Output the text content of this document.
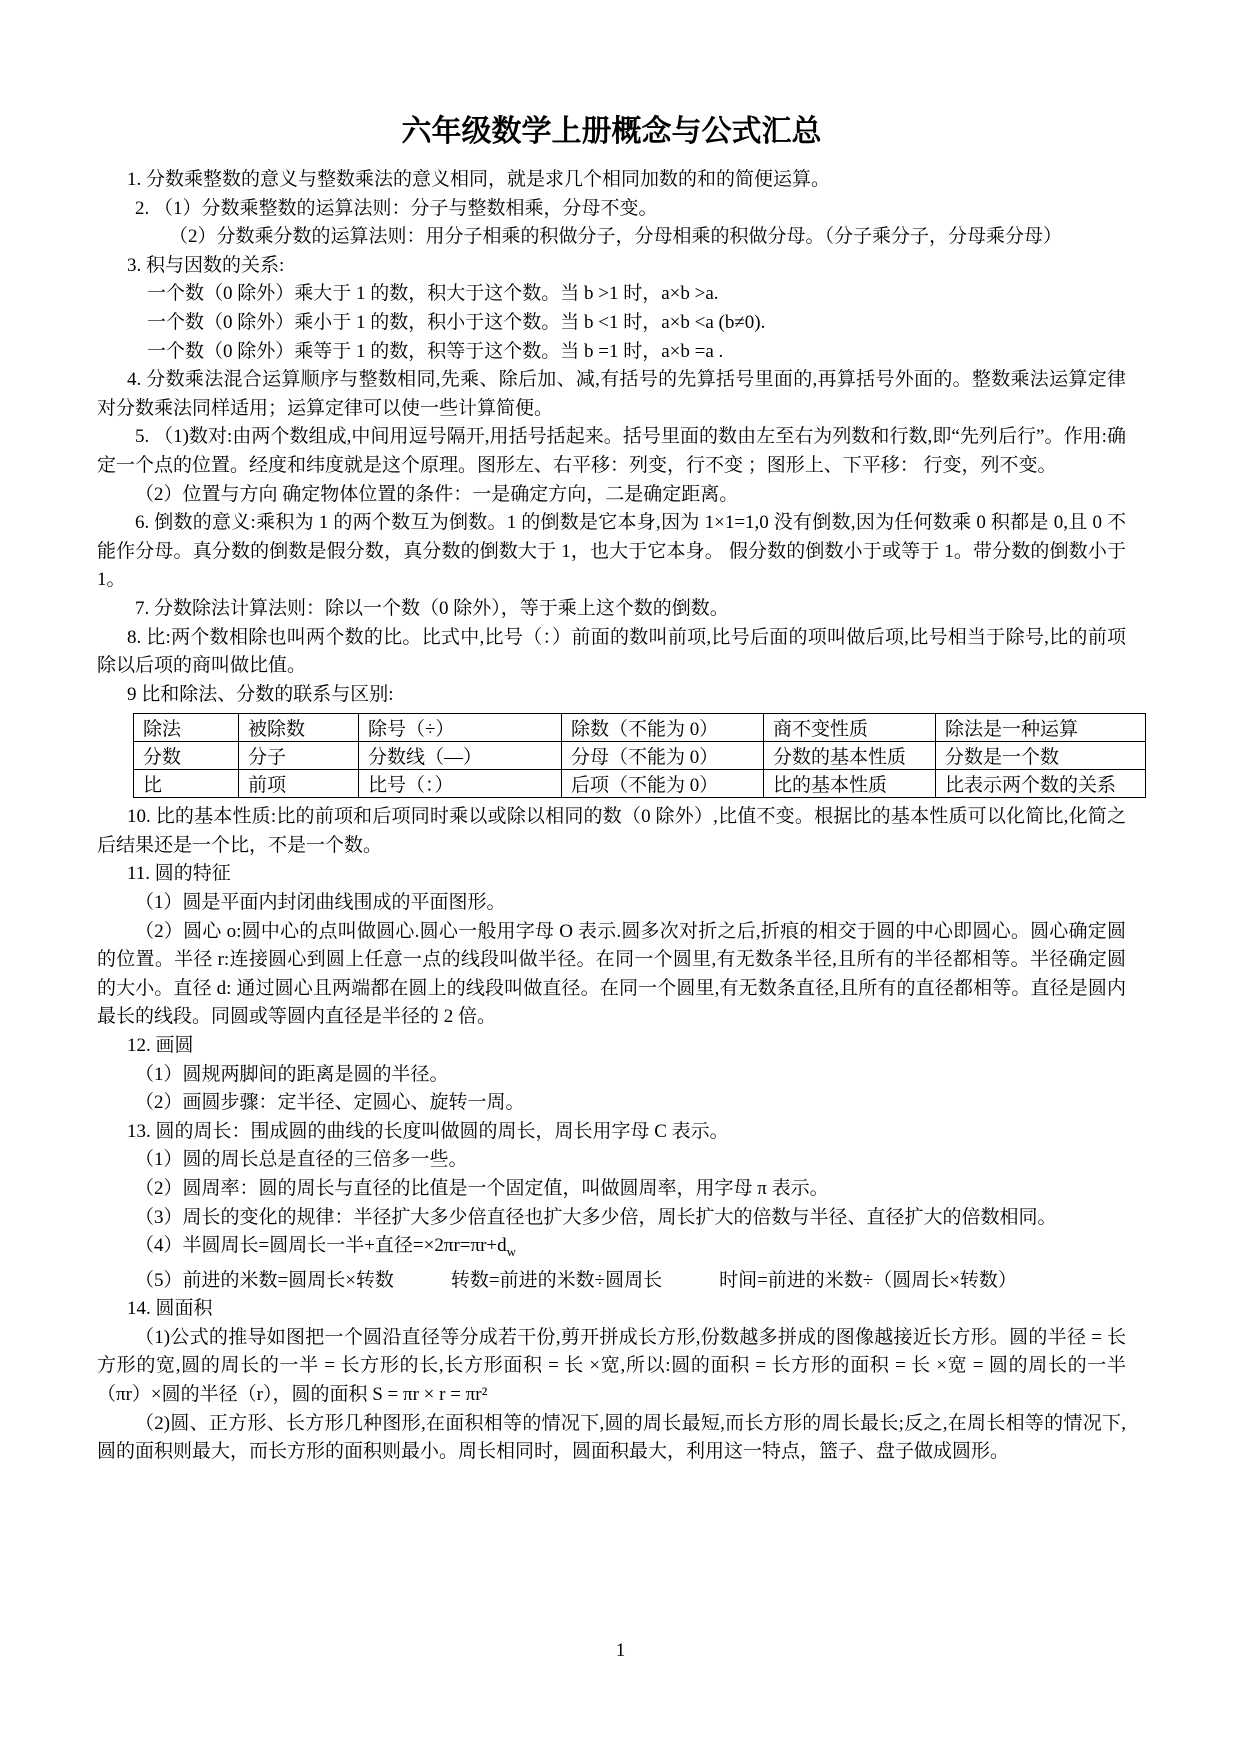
六年级数学上册概念与公式汇总

1. 分数乘整数的意义与整数乘法的意义相同，就是求几个相同加数的和的简便运算。

2. （1）分数乘整数的运算法则：分子与整数相乘，分母不变。

（2）分数乘分数的运算法则：用分子相乘的积做分子，分母相乘的积做分母。（分子乘分子，分母乘分母）

3. 积与因数的关系:

一个数（0 除外）乘大于 1 的数，积大于这个数。当 b >1 时，a×b >a.

一个数（0 除外）乘小于 1 的数，积小于这个数。当 b <1 时，a×b <a (b≠0).

一个数（0 除外）乘等于 1 的数，积等于这个数。当 b =1 时，a×b =a .

4. 分数乘法混合运算顺序与整数相同,先乘、除后加、减,有括号的先算括号里面的,再算括号外面的。整数乘法运算定律对分数乘法同样适用；运算定律可以使一些计算简便。

5. （1)数对:由两个数组成,中间用逗号隔开,用括号括起来。括号里面的数由左至右为列数和行数,即“先列后行”。作用:确定一个点的位置。经度和纬度就是这个原理。图形左、右平移：列变，行不变 ；图形上、下平移： 行变，列不变。

（2）位置与方向 确定物体位置的条件：一是确定方向，二是确定距离。

6. 倒数的意义:乘积为 1 的两个数互为倒数。1 的倒数是它本身,因为 1×1=1,0 没有倒数,因为任何数乘 0 积都是 0,且 0 不能作分母。真分数的倒数是假分数，真分数的倒数大于 1，也大于它本身。 假分数的倒数小于或等于 1。带分数的倒数小于 1。

7. 分数除法计算法则：除以一个数（0 除外），等于乘上这个数的倒数。

8. 比:两个数相除也叫两个数的比。比式中,比号（：）前面的数叫前项,比号后面的项叫做后项,比号相当于除号,比的前项除以后项的商叫做比值。

9 比和除法、分数的联系与区别:

除法	被除数	除号（÷）	除数（不能为 0）	商不变性质	除法是一种运算
分数	分子	分数线（—）	分母（不能为 0）	分数的基本性质	分数是一个数
比	前项	比号（：）	后项（不能为 0）	比的基本性质	比表示两个数的关系

10. 比的基本性质:比的前项和后项同时乘以或除以相同的数（0 除外）,比值不变。根据比的基本性质可以化简比,化简之后结果还是一个比，不是一个数。

11. 圆的特征

（1）圆是平面内封闭曲线围成的平面图形。

（2）圆心 o:圆中心的点叫做圆心.圆心一般用字母 O 表示.圆多次对折之后,折痕的相交于圆的中心即圆心。圆心确定圆的位置。半径 r:连接圆心到圆上任意一点的线段叫做半径。在同一个圆里,有无数条半径,且所有的半径都相等。半径确定圆的大小。直径 d: 通过圆心且两端都在圆上的线段叫做直径。在同一个圆里,有无数条直径,且所有的直径都相等。直径是圆内最长的线段。同圆或等圆内直径是半径的 2 倍。

12. 画圆

（1）圆规两脚间的距离是圆的半径。

（2）画圆步骤：定半径、定圆心、旋转一周。

13. 圆的周长：围成圆的曲线的长度叫做圆的周长，周长用字母 C 表示。

（1）圆的周长总是直径的三倍多一些。

（2）圆周率：圆的周长与直径的比值是一个固定值，叫做圆周率，用字母 π 表示。

（3）周长的变化的规律：半径扩大多少倍直径也扩大多少倍，周长扩大的倍数与半径、直径扩大的倍数相同。

（4）半圆周长=圆周长一半+直径$=\times 2\pi r=\pi r+d_w$

（5）前进的米数=圆周长×转数　　　转数=前进的米数÷圆周长　　　时间=前进的米数÷（圆周长×转数）

14. 圆面积

（1)公式的推导如图把一个圆沿直径等分成若干份,剪开拼成长方形,份数越多拼成的图像越接近长方形。圆的半径 = 长方形的宽,圆的周长的一半 = 长方形的长,长方形面积 = 长 ×宽,所以:圆的面积 = 长方形的面积 = 长 ×宽 = 圆的周长的一半（πr）×圆的半径（r），圆的面积 S = πr × r = πr²

（2)圆、正方形、长方形几种图形,在面积相等的情况下,圆的周长最短,而长方形的周长最长;反之,在周长相等的情况下,圆的面积则最大，而长方形的面积则最小。周长相同时，圆面积最大，利用这一特点，篮子、盘子做成圆形。

1
